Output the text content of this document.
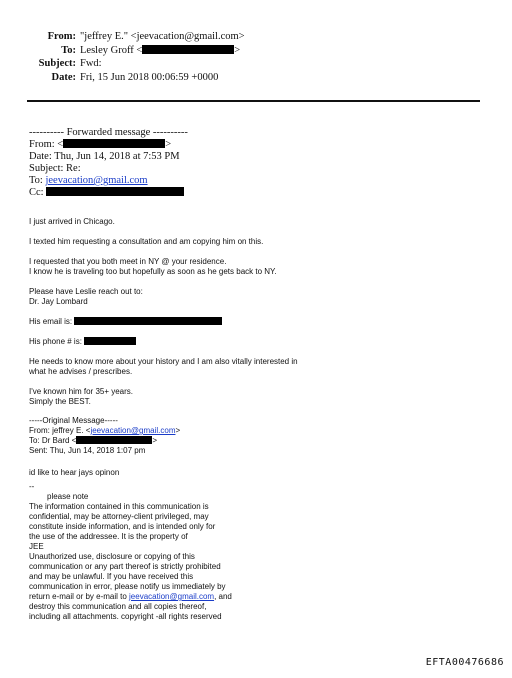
From: "jeffrey E." <jeevacation@gmail.com>
To: Lesley Groff <	>
Subject: Fwd:
Date: Fri, 15 Jun 2018 00:06:59 +0000
---------- Forwarded message ----------
From: <	>
Date: Thu, Jun 14, 2018 at 7:53 PM
Subject: Re:
To: jeevacation@gmail.com
Cc:
I just arrived in Chicago.
I texted him requesting a consultation and am copying him on this.
I requested that you both meet in NY @ your residence.
I know he is traveling too but hopefully as soon as he gets back to NY.
Please have Leslie reach out to:
Dr. Jay Lombard
His email is:
His phone # is:
He needs to know more about your history and I am also vitally interested in
what he advises / prescribes.
I've known him for 35+ years.
Simply the BEST.
-----Original Message-----
From: jeffrey E. <jeevacation@gmail.com>
To: Dr Bard <	>
Sent: Thu, Jun 14, 2018 1:07 pm
id like to hear jays opinon
--
please note
The information contained in this communication is
confidential, may be attorney-client privileged, may
constitute inside information, and is intended only for
the use of the addressee. It is the property of
JEE
Unauthorized use, disclosure or copying of this
communication or any part thereof is strictly prohibited
and may be unlawful. If you have received this
communication in error, please notify us immediately by
return e-mail or by e-mail to jeevacation@gmail.com, and
destroy this communication and all copies thereof,
including all attachments. copyright -all rights reserved
EFTA00476686
